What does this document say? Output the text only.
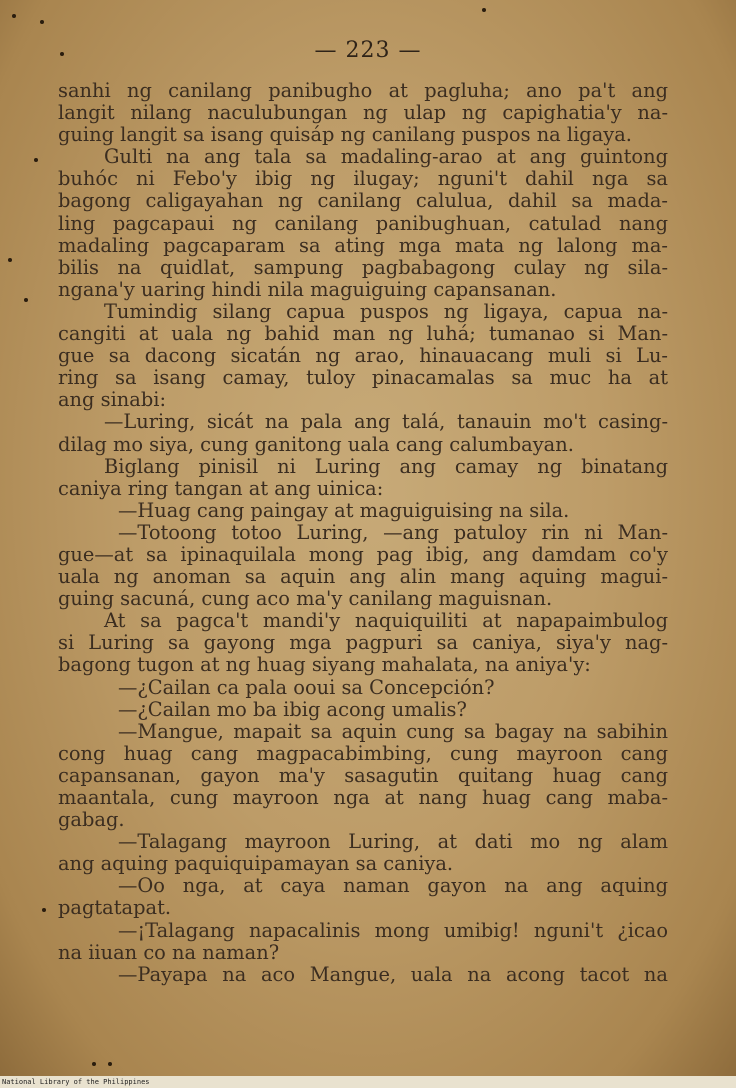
— 223 —
sanhi ng canilang panibugho at pagluha; ano pa't ang
langit nilang naculubungan ng ulap ng capighatia'y na-
guing langit sa isang quisáp ng canilang puspos na ligaya.
Gulti na ang tala sa madaling-arao at ang guintong
buhóc ni Febo'y ibig ng ilugay; nguni't dahil nga sa
bagong caligayahan ng canilang calulua, dahil sa mada-
ling pagcapaui ng canilang panibughuan, catulad nang
madaling pagcaparam sa ating mga mata ng lalong ma-
bilis na quidlat, sampung pagbabagong culay ng sila-
ngana'y uaring hindi nila maguiguing capansanan.
Tumindig silang capua puspos ng ligaya, capua na-
cangiti at uala ng bahid man ng luhá; tumanao si Man-
gue sa dacong sicatán ng arao, hinauacang muli si Lu-
ring sa isang camay, tuloy pinacamalas sa muc ha at
ang sinabi:
—Luring, sicát na pala ang talá, tanauin mo't casing-
dilag mo siya, cung ganitong uala cang calumbayan.
Biglang pinisil ni Luring ang camay ng binatang
caniya ring tangan at ang uinica:
—Huag cang paingay at maguiguising na sila.
—Totoong totoo Luring, —ang patuloy rin ni Man-
gue—at sa ipinaquilala mong pag ibig, ang damdam co'y
uala ng anoman sa aquin ang alin mang aquing magui-
guing sacuná, cung aco ma'y canilang maguisnan.
At sa pagca't mandi'y naquiquiliti at napapaimbulog
si Luring sa gayong mga pagpuri sa caniya, siya'y nag-
bagong tugon at ng huag siyang mahalata, na aniya'y:
—¿Cailan ca pala ooui sa Concepción?
—¿Cailan mo ba ibig acong umalis?
—Mangue, mapait sa aquin cung sa bagay na sabihin
cong huag cang magpacabimbing, cung mayroon cang
capansanan, gayon ma'y sasagutin quitang huag cang
maantala, cung mayroon nga at nang huag cang maba-
gabag.
—Talagang mayroon Luring, at dati mo ng alam
ang aquing paquiquipamayan sa caniya.
—Oo nga, at caya naman gayon na ang aquing
pagtatapat.
—¡Talagang napacalinis mong umibig! nguni't ¿icao
na iiuan co na naman?
—Payapa na aco Mangue, uala na acong tacot na
National Library of the Philippines
